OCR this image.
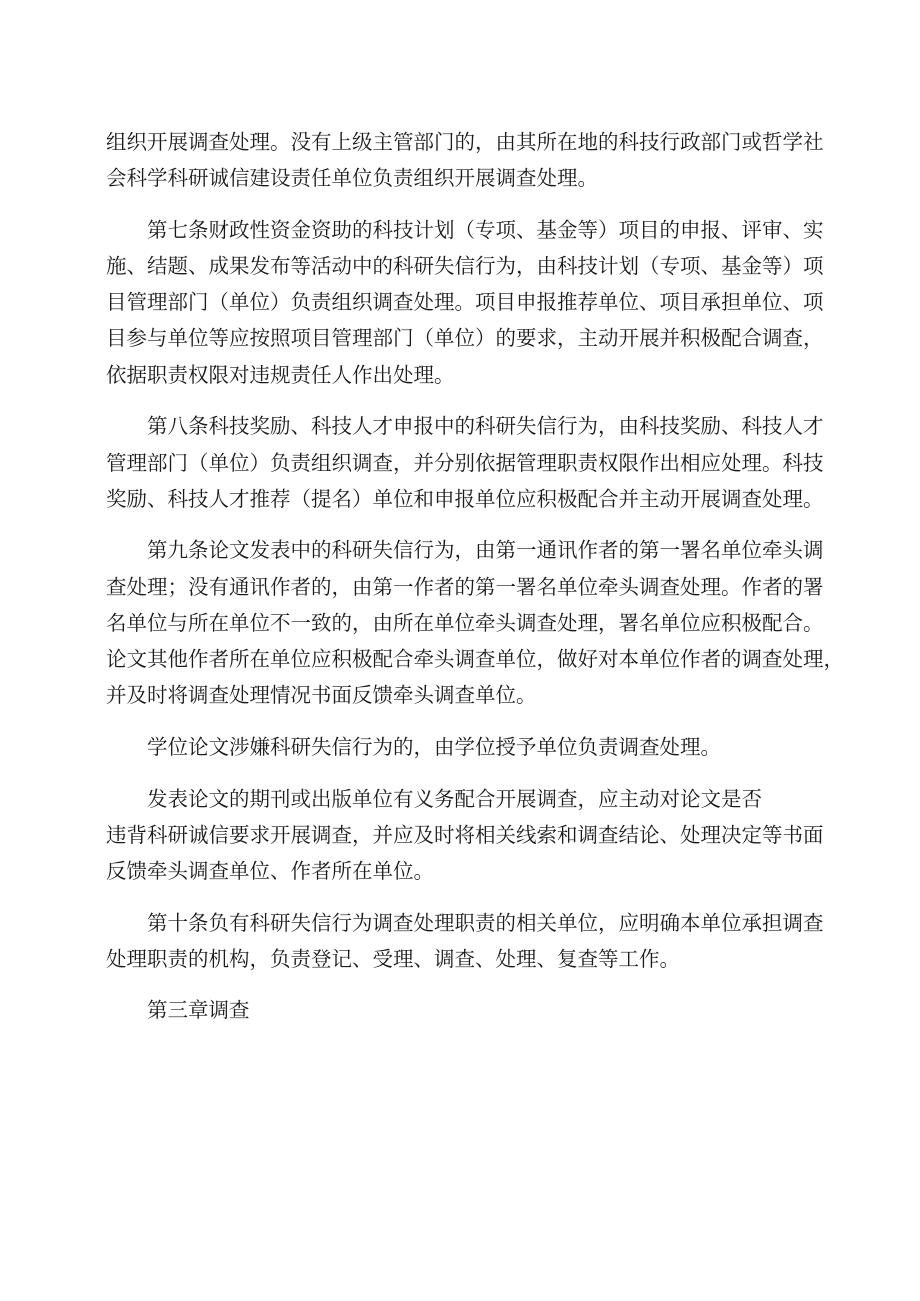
组织开展调查处理。没有上级主管部门的，由其所在地的科技行政部门或哲学社
会科学科研诚信建设责任单位负责组织开展调查处理。
第七条财政性资金资助的科技计划（专项、基金等）项目的申报、评审、实
施、结题、成果发布等活动中的科研失信行为，由科技计划（专项、基金等）项
目管理部门（单位）负责组织调查处理。项目申报推荐单位、项目承担单位、项
目参与单位等应按照项目管理部门（单位）的要求，主动开展并积极配合调查，
依据职责权限对违规责任人作出处理。
第八条科技奖励、科技人才申报中的科研失信行为，由科技奖励、科技人才
管理部门（单位）负责组织调查，并分别依据管理职责权限作出相应处理。科技
奖励、科技人才推荐（提名）单位和申报单位应积极配合并主动开展调查处理。
第九条论文发表中的科研失信行为，由第一通讯作者的第一署名单位牵头调
查处理；没有通讯作者的，由第一作者的第一署名单位牵头调查处理。作者的署
名单位与所在单位不一致的，由所在单位牵头调查处理，署名单位应积极配合。
论文其他作者所在单位应积极配合牵头调查单位，做好对本单位作者的调查处理，
并及时将调查处理情况书面反馈牵头调查单位。
学位论文涉嫌科研失信行为的，由学位授予单位负责调查处理。
发表论文的期刊或出版单位有义务配合开展调查，应主动对论文是否
违背科研诚信要求开展调查，并应及时将相关线索和调查结论、处理决定等书面
反馈牵头调查单位、作者所在单位。
第十条负有科研失信行为调查处理职责的相关单位，应明确本单位承担调查
处理职责的机构，负责登记、受理、调查、处理、复查等工作。
第三章调查
